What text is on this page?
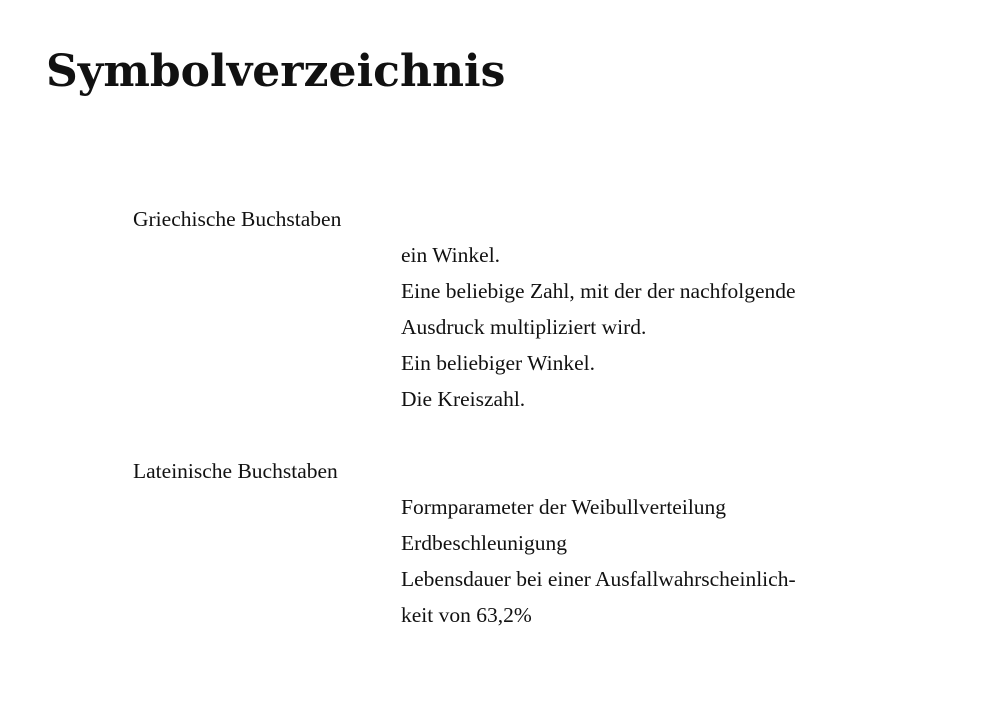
Symbolverzeichnis
Griechische Buchstaben
ein Winkel.
Eine beliebige Zahl, mit der der nachfolgende
Ausdruck multipliziert wird.
Ein beliebiger Winkel.
Die Kreiszahl.
Lateinische Buchstaben
Formparameter der Weibullverteilung
Erdbeschleunigung
Lebensdauer bei einer Ausfallwahrscheinlich-
keit von 63,2%
